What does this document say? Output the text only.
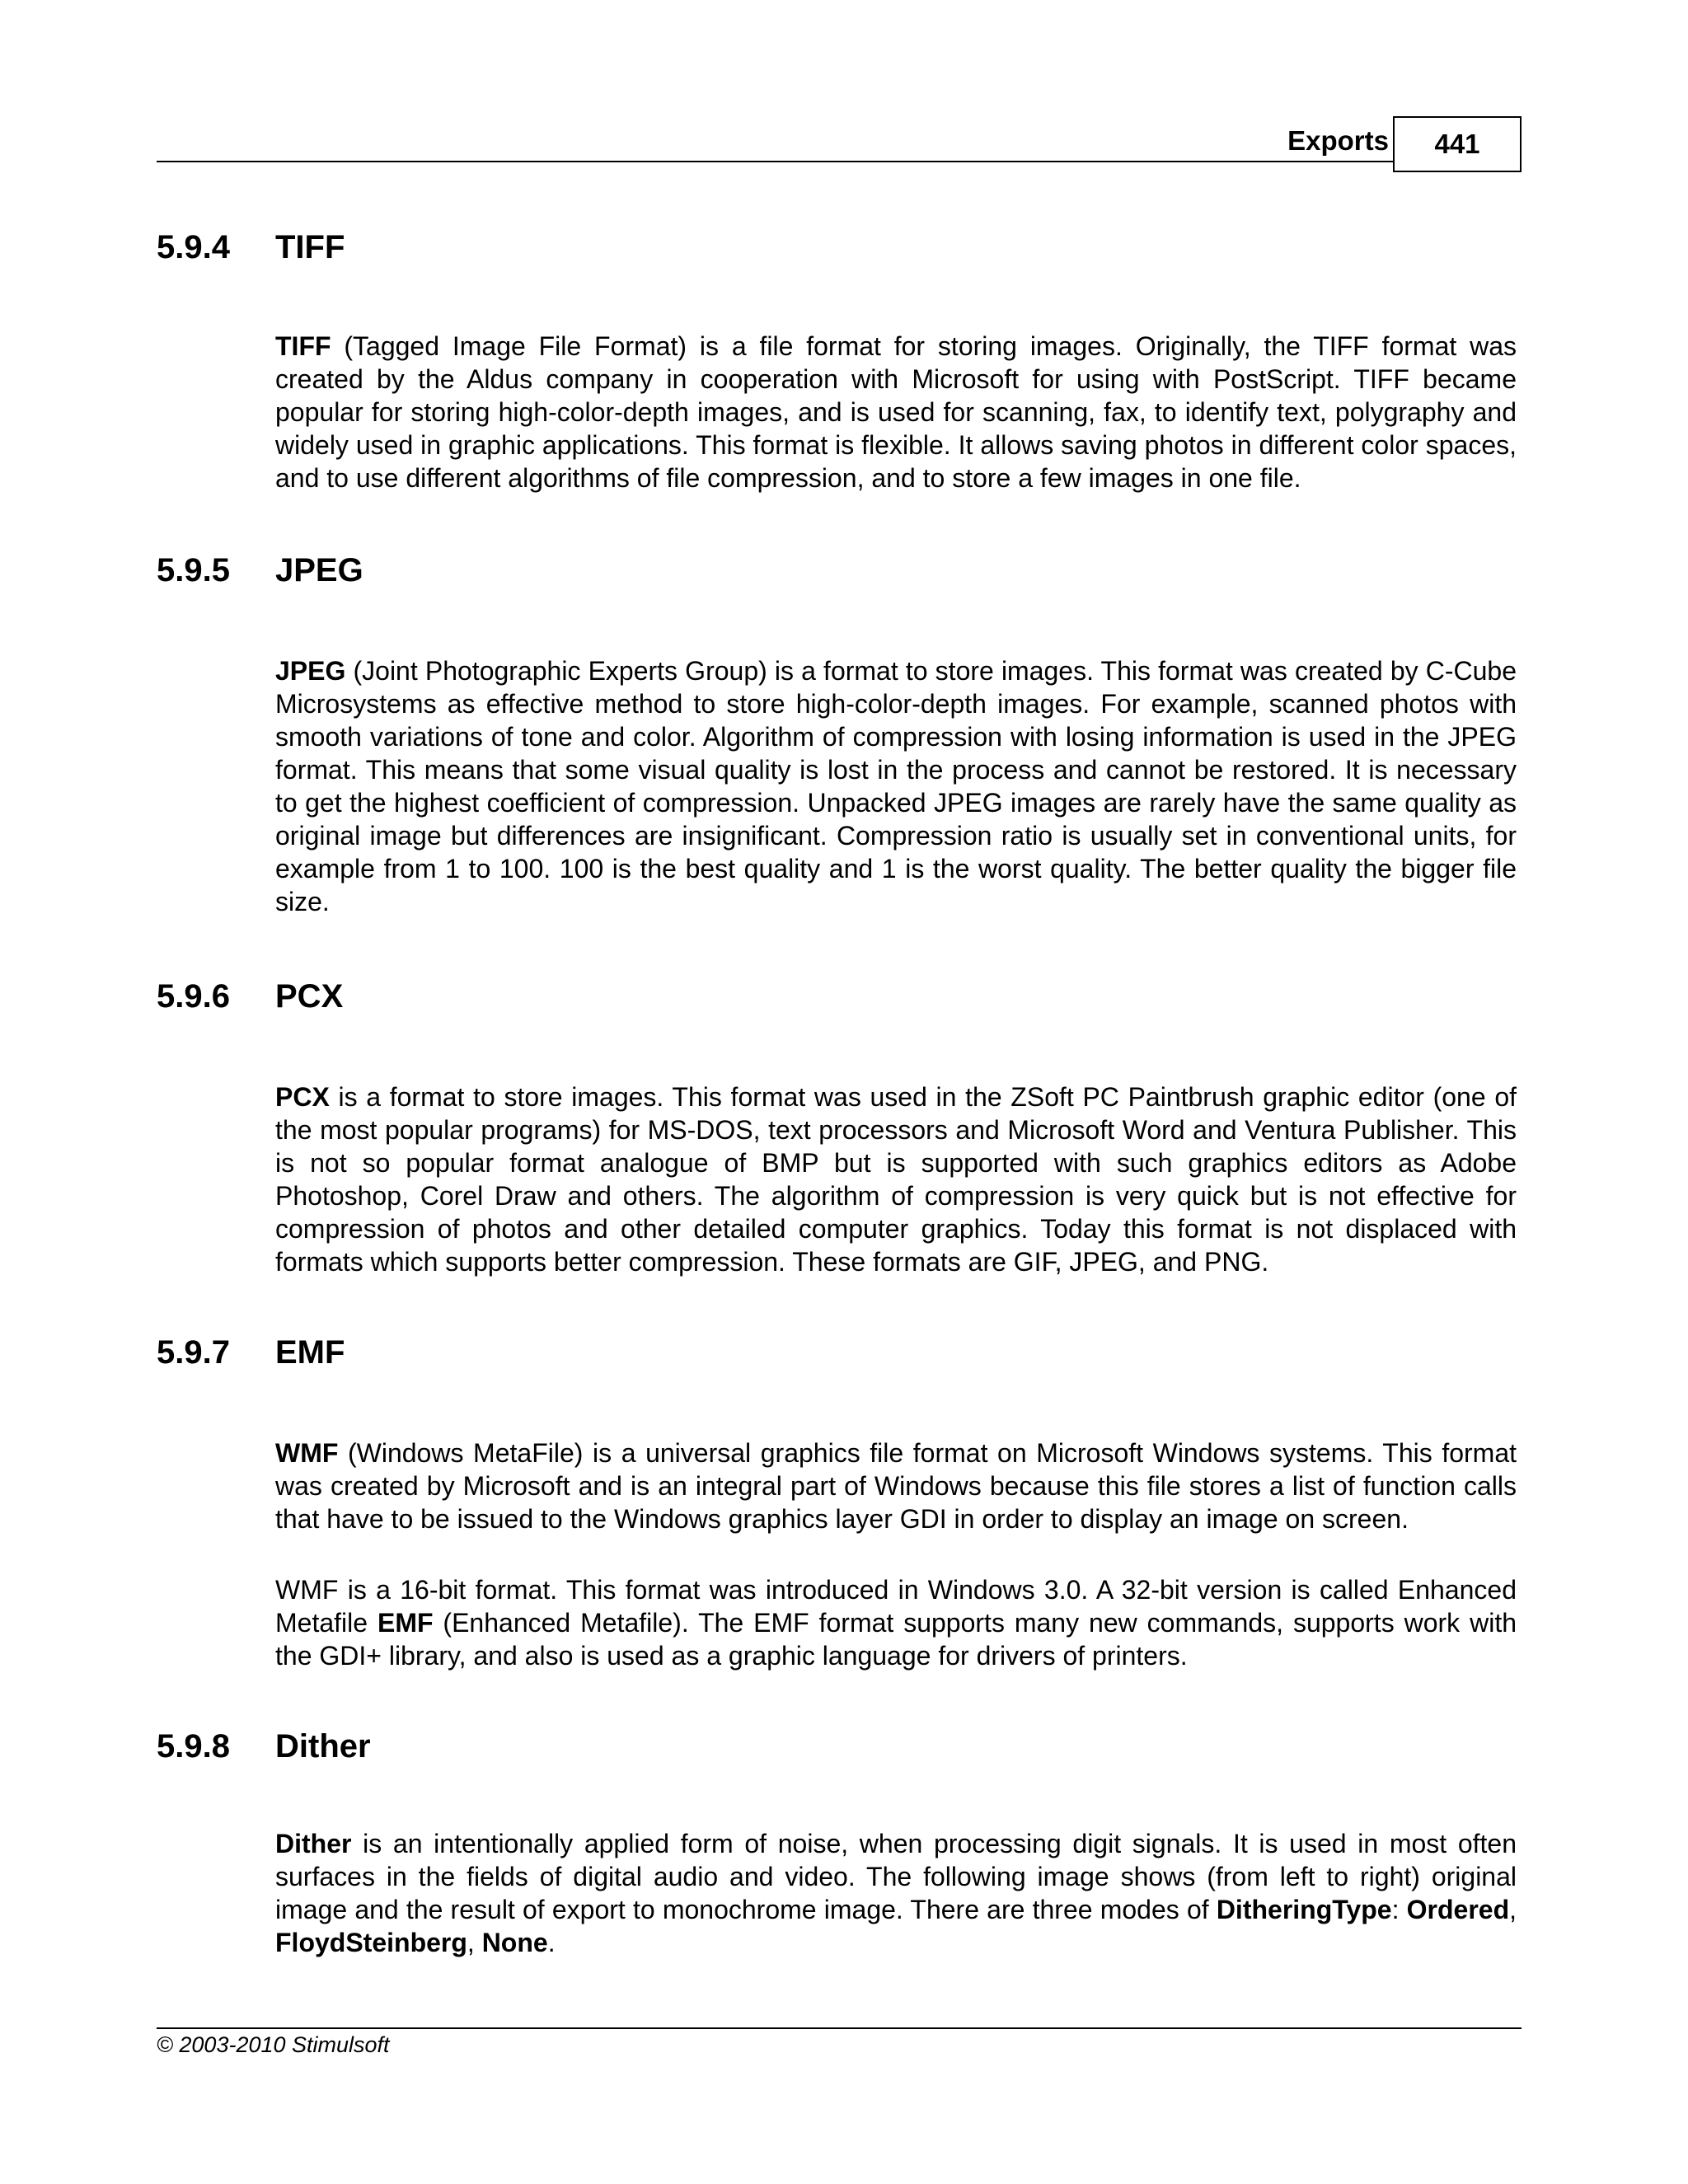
Exports 441
5.9.4	TIFF

TIFF (Tagged Image File Format) is a file format for storing images. Originally, the TIFF format was created by the Aldus company in cooperation with Microsoft for using with PostScript. TIFF became popular for storing high-color-depth images, and is used for scanning, fax, to identify text, polygraphy and widely used in graphic applications. This format is flexible. It allows saving photos in different color spaces, and to use different algorithms of file compression, and to store a few images in one file.

5.9.5	JPEG

JPEG (Joint Photographic Experts Group) is a format to store images. This format was created by C-Cube Microsystems as effective method to store high-color-depth images. For example, scanned photos with smooth variations of tone and color. Algorithm of compression with losing information is used in the JPEG format. This means that some visual quality is lost in the process and cannot be restored. It is necessary to get the highest coefficient of compression. Unpacked JPEG images are rarely have the same quality as original image but differences are insignificant. Compression ratio is usually set in conventional units, for example from 1 to 100. 100 is the best quality and 1 is the worst quality. The better quality the bigger file size.

5.9.6	PCX

PCX is a format to store images. This format was used in the ZSoft PC Paintbrush graphic editor (one of the most popular programs) for MS-DOS, text processors and Microsoft Word and Ventura Publisher. This is not so popular format analogue of BMP but is supported with such graphics editors as Adobe Photoshop, Corel Draw and others. The algorithm of compression is very quick but is not effective for compression of photos and other detailed computer graphics. Today this format is not displaced with formats which supports better compression. These formats are GIF, JPEG, and PNG.

5.9.7	EMF

WMF (Windows MetaFile) is a universal graphics file format on Microsoft Windows systems. This format was created by Microsoft and is an integral part of Windows because this file stores a list of function calls that have to be issued to the Windows graphics layer GDI in order to display an image on screen.

WMF is a 16-bit format. This format was introduced in Windows 3.0. A 32-bit version is called Enhanced Metafile EMF (Enhanced Metafile). The EMF format supports many new commands, supports work with the GDI+ library, and also is used as a graphic language for drivers of printers.

5.9.8	Dither

Dither is an intentionally applied form of noise, when processing digit signals. It is used in most often surfaces in the fields of digital audio and video. The following image shows (from left to right) original image and the result of export to monochrome image. There are three modes of DitheringType: Ordered, FloydSteinberg, None.

© 2003-2010 Stimulsoft
